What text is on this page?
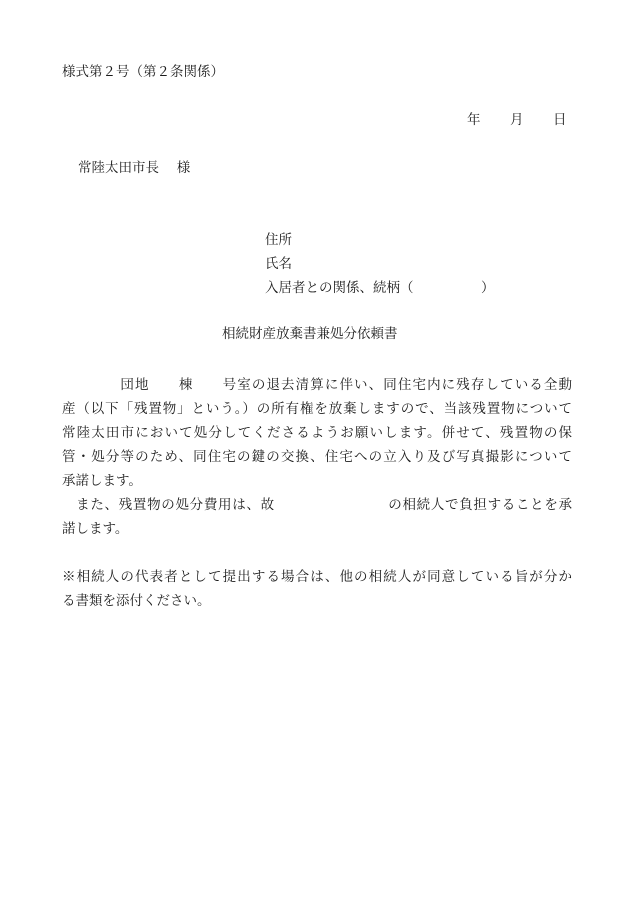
様式第２号（第２条関係）
年 月 日
常陸太田市長　 様
住所
氏名
入居者との関係、続柄（	）
相続財産放棄書兼処分依頼書
　　　　団地　　棟　　号室の退去清算に伴い、同住宅内に残存している全動
産（以下「残置物」という。）の所有権を放棄しますので、当該残置物について
常陸太田市において処分してくださるようお願いします。併せて、残置物の保
管・処分等のため、同住宅の鍵の交換、住宅への立入り及び写真撮影について
承諾します。
　また、残置物の処分費用は、故　　　　　　　　の相続人で負担することを承
諾します。
※相続人の代表者として提出する場合は、他の相続人が同意している旨が分か
る書類を添付ください。
